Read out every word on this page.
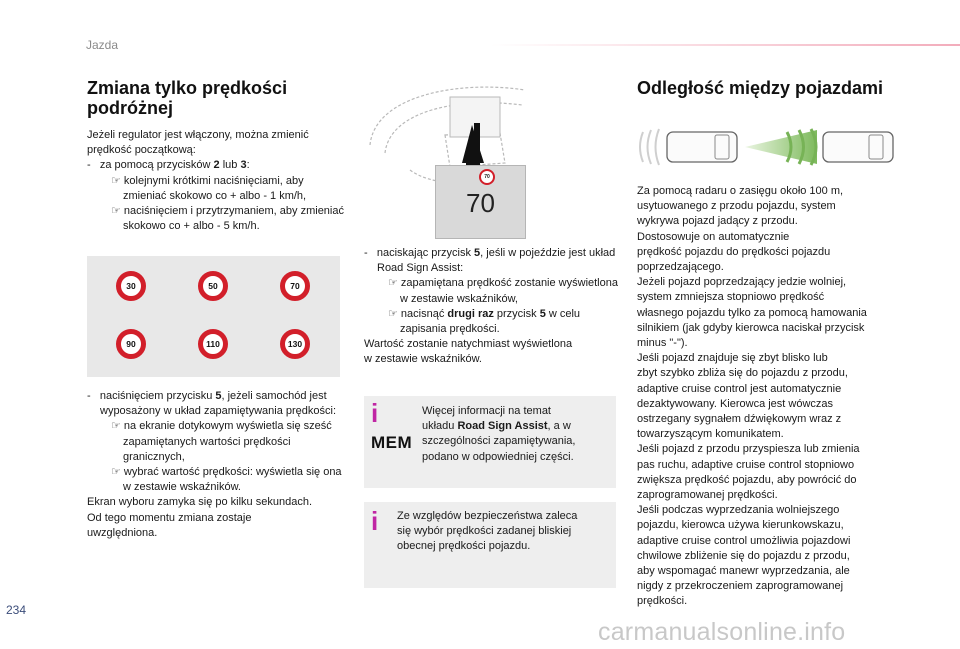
Jazda
Zmiana tylko prędkości
podróżnej

Jeżeli regulator jest włączony, można zmienić

prędkość początkową:

-   za pomocą przycisków 2 lub 3:

☞ kolejnymi krótkimi naciśnięciami, aby zmieniać skokowo co + albo - 1 km/h,

☞ naciśnięciem i przytrzymaniem, aby zmieniać skokowo co + albo - 5 km/h.

30	50	70
90	110	130

-   naciśnięciem przycisku 5, jeżeli samochód jest wyposażony w układ zapamiętywania prędkości:

☞ na ekranie dotykowym wyświetla się sześć zapamiętanych wartości prędkości granicznych,

☞ wybrać wartość prędkości: wyświetla się ona w zestawie wskaźników.

Ekran wyboru zamyka się po kilku sekundach.

Od tego momentu zmiana zostaje

uwzględniona.

70
70

-   naciskając przycisk 5, jeśli w pojeździe jest układ Road Sign Assist:

☞ zapamiętana prędkość zostanie wyświetlona w zestawie wskaźników,

☞ nacisnąć drugi raz przycisk 5 w celu zapisania prędkości.

Wartość zostanie natychmiast wyświetlona

w zestawie wskaźników.

i
MEM

Więcej informacji na temat

układu Road Sign Assist, a w

szczególności zapamiętywania,

podano w odpowiedniej części.

i Ze względów bezpieczeństwa zaleca

się wybór prędkości zadanej bliskiej

obecnej prędkości pojazdu.

Odległość między pojazdami

Za pomocą radaru o zasięgu około 100 m,

usytuowanego z przodu pojazdu, system

wykrywa pojazd jadący z przodu.

Dostosowuje on automatycznie

prędkość pojazdu do prędkości pojazdu

poprzedzającego.

Jeżeli pojazd poprzedzający jedzie wolniej,

system zmniejsza stopniowo prędkość

własnego pojazdu tylko za pomocą hamowania

silnikiem (jak gdyby kierowca naciskał przycisk

minus "-").

Jeśli pojazd znajduje się zbyt blisko lub

zbyt szybko zbliża się do pojazdu z przodu,

adaptive cruise control jest automatycznie

dezaktywowany. Kierowca jest wówczas

ostrzegany sygnałem dźwiękowym wraz z

towarzyszącym komunikatem.

Jeśli pojazd z przodu przyspiesza lub zmienia

pas ruchu, adaptive cruise control stopniowo

zwiększa prędkość pojazdu, aby powrócić do

zaprogramowanej prędkości.

Jeśli podczas wyprzedzania wolniejszego

pojazdu, kierowca używa kierunkowskazu,

adaptive cruise control umożliwia pojazdowi

chwilowe zbliżenie się do pojazdu z przodu,

aby wspomagać manewr wyprzedzania, ale

nigdy z przekroczeniem zaprogramowanej

prędkości.

234
carmanualsonline.info
